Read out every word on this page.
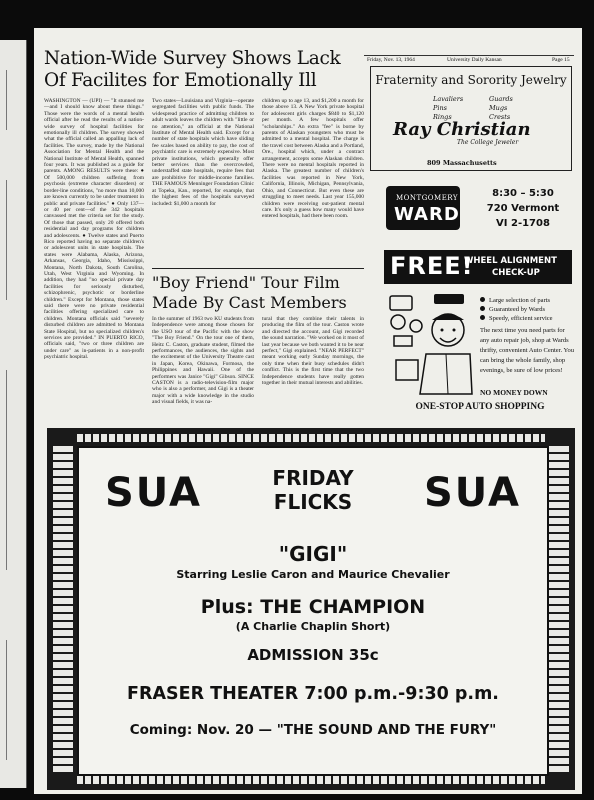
Nation-Wide Survey Shows Lack Of Facilites for Emotionally Ill
WASHINGTON — (UPI) — "It stunned me—and I should know about these things." Those were the words of a mental health official after he read the results of a nation-wide survey of hospital facilities for emotionally ill children. The survey showed what the official called an appalling lack of facilities. The survey, made by the National Association for Mental Health and the National Institute of Mental Health, spanned four years. It was published as a guide for parents. AMONG RESULTS were these: ● Of 500,000 children suffering from psychosis (extreme character disorders) or border-line conditions, "no more than 10,000 are known currently to be under treatment in public and private facilities." ● Only 137—or 40 per cent—of the 342 hospitals canvassed met the criteria set for the study. Of those that passed, only 20 offered both residential and day programs for children and adolescents. ● Twelve states and Puerto Rico reported having no separate children's or adolescent units in state hospitals. The states were Alabama, Alaska, Arizona, Arkansas, Georgia, Idaho, Mississippi, Montana, North Dakota, South Carolina, Utah, West Virginia and Wyoming. In addition, they had "no special private day facilities for seriously disturbed, schizophrenic, psychotic or borderline children." Except for Montana, those states said there were no private residential facilities offering specialized care to children. Montana officials said "severely disturbed children are admitted to Montana State Hospital, but no specialized children's services are provided." IN PUERTO RICO, officials said, "two or three children are under care" as in-patients in a non-profit psychiatric hospital.
Two states—Louisiana and Virginia—operate segregated facilities with public funds. The widespread practice of admitting children to adult wards leaves the children with "little or no attention," an official at the National Institute of Mental Health said. Except for a number of state hospitals which have sliding fee scales based on ability to pay, the cost of psychiatric care is extremely expensive. Most private institutions, which generally offer better services than the overcrowded, understaffed state hospitals, require fees that are prohibitive for middle-income families. THE FAMOUS Menninger Foundation Clinic at Topeka, Kan., reported, for example, that the highest fees of the hospitals surveyed included: $1,000 a month for
children up to age 13, and $1,200 a month for those above 13. A New York private hospital for adolescent girls charges $840 to $1,120 per month. A few hospitals offer "scholarships." An extra "fee" is borne by parents of Alaskan youngsters who must be admitted to a mental hospital. The charge is the travel cost between Alaska and a Portland, Ore., hospital which, under a contract arrangement, accepts some Alaskan children. There were no mental hospitals reported in Alaska. The greatest number of children's facilities was reported in New York, California, Illinois, Michigan, Pennsylvania, Ohio, and Connecticut. But even these are struggling to meet needs. Last year 155,000 children were receiving out-patient mental care. It's only a guess how many would have entered hospitals, had there been room.
"Boy Friend" Tour Film Made By Cast Members
In the summer of 1963 two KU students from Independence were among those chosen for the USO tour of the Pacific with the show "The Boy Friend." On the tour one of them, Heitz C. Caston, graduate student, filmed the performances, the audiences, the sights and the excitement of the University Theatre cast in Japan, Korea, Okinawa, Formosa, the Philippines and Hawaii. One of the performers was Janice "Gigi" Gibson. SINCE CASTON is a radio-television-film major who is also a performer, and Gigi is a theater major with a wide knowledge in the studio and visual fields, it was na-
tural that they combine their talents in producing the film of the tour. Caston wrote and directed the account, and Gigi recorded the sound narration. "We worked on it most of last year because we both wanted it to be near perfect," Gigi explained. "NEAR PERFECT" meant working early Sunday mornings, the only time when their busy schedules didn't conflict. This is the first time that the two Independence students have really gotten together in their mutual interests and abilities.
Friday, Nov. 13, 1964	University Daily Kansan	Page 15
Fraternity and Sorority Jewelry
Lavaliers
Pins
Rings
Guards
Mugs
Crests
Ray Christian
The College Jeweler
809 Massachusetts
MONTGOMERY
WARD
8:30 – 5:30
720 Vermont
VI 2-1708
FREE!
WHEEL ALIGNMENT
CHECK-UP
Large selection of parts
Guaranteed by Wards
Speedy, efficient service
The next time you need parts for any auto repair job, shop at Wards thrifty, convenient Auto Center. You can bring the whole family, shop evenings, be sure of low prices!
NO MONEY DOWN
ONE-STOP AUTO SHOPPING
SUA	SUA
FRIDAY
FLICKS
"GIGI"
Starring Leslie Caron and Maurice Chevalier
Plus: THE CHAMPION
(A Charlie Chaplin Short)
ADMISSION 35c
FRASER THEATER 7:00 p.m.-9:30 p.m.
Coming: Nov. 20 — "THE SOUND AND THE FURY"
